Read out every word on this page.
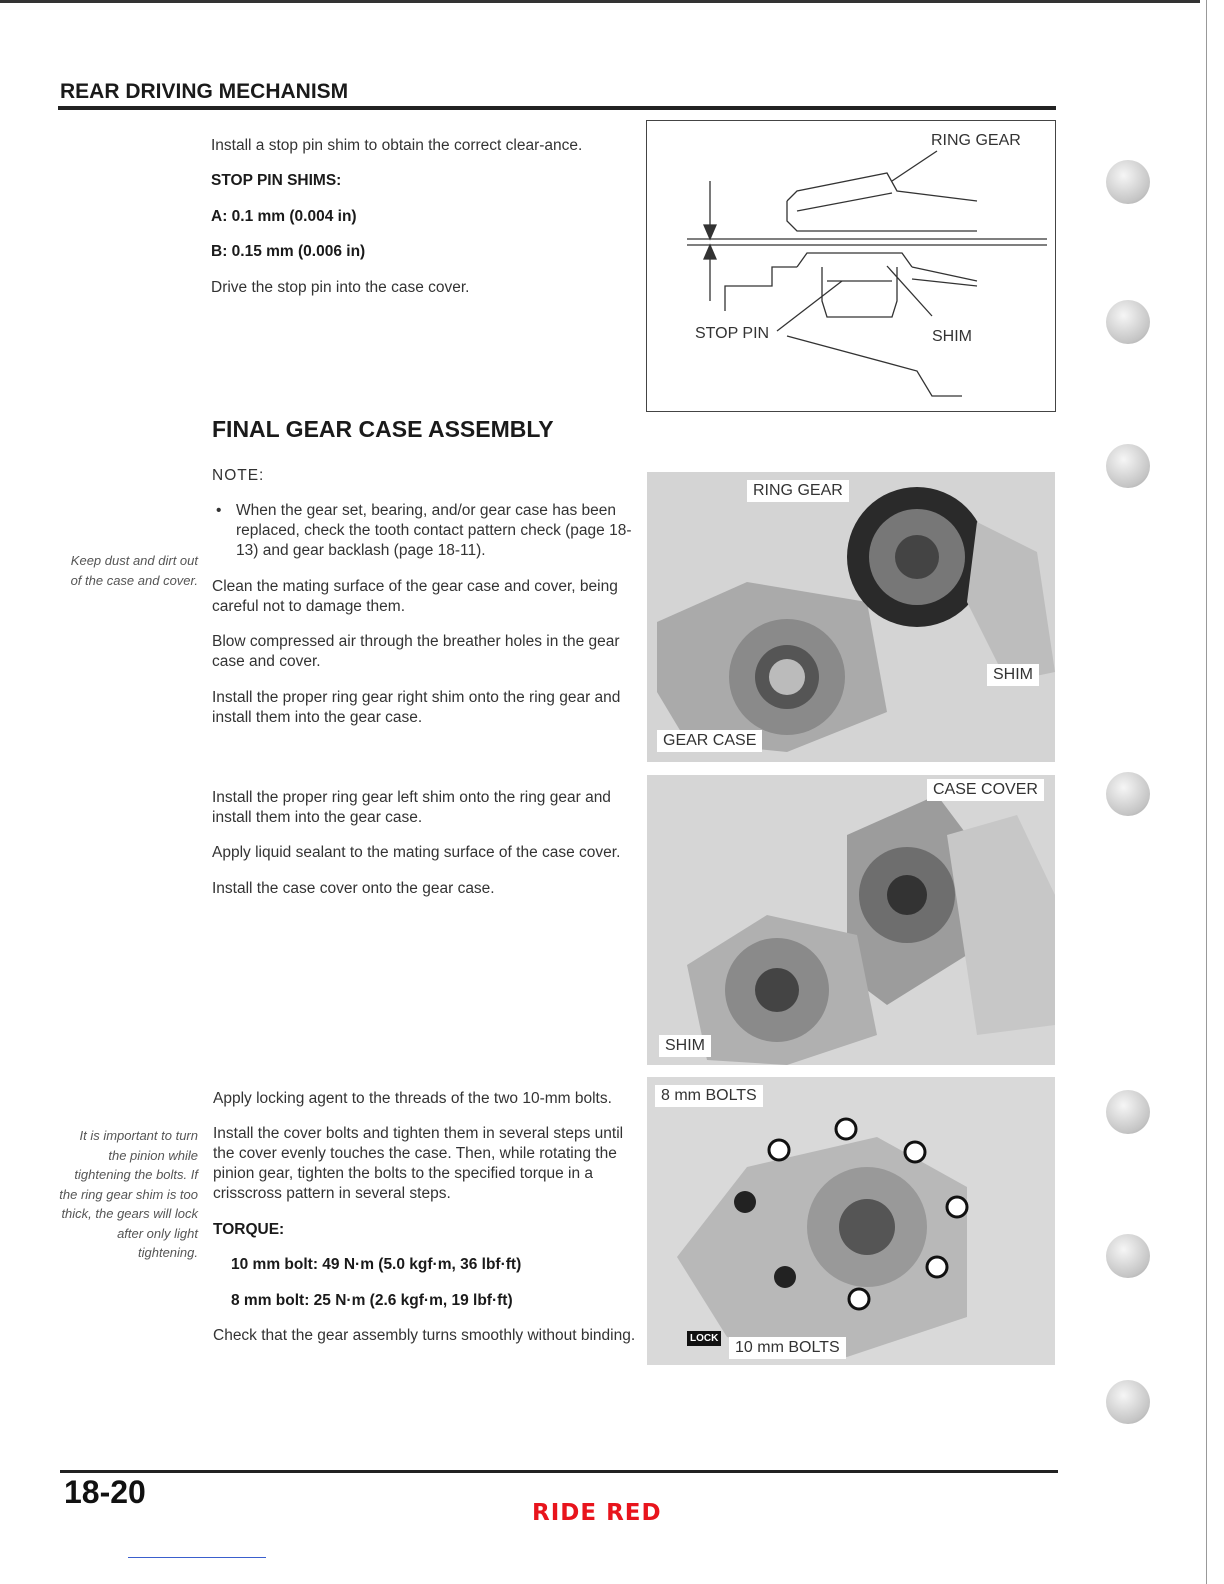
REAR DRIVING MECHANISM

Install a stop pin shim to obtain the correct clear-ance.

STOP PIN SHIMS:

A: 0.1 mm (0.004 in)

B: 0.15 mm (0.006 in)

Drive the stop pin into the case cover.

RING GEAR
STOP PIN	SHIM
FINAL GEAR CASE ASSEMBLY

NOTE:

• When the gear set, bearing, and/or gear case has been replaced, check the tooth contact pattern check (page 18-13) and gear backlash (page 18-11).

Clean the mating surface of the gear case and cover, being careful not to damage them.

Blow compressed air through the breather holes in the gear case and cover.

Install the proper ring gear right shim onto the ring gear and install them into the gear case.

Keep dust and dirt out of the case and cover.
RING GEAR
SHIM
GEAR CASE

Install the proper ring gear left shim onto the ring gear and install them into the gear case.

Apply liquid sealant to the mating surface of the case cover.

Install the case cover onto the gear case.

CASE COVER
SHIM

Apply locking agent to the threads of the two 10-mm bolts.

Install the cover bolts and tighten them in several steps until the cover evenly touches the case. Then, while rotating the pinion gear, tighten the bolts to the specified torque in a crisscross pattern in several steps.

TORQUE:

10 mm bolt: 49 N·m (5.0 kgf·m, 36 lbf·ft)

8 mm bolt: 25 N·m (2.6 kgf·m, 19 lbf·ft)

Check that the gear assembly turns smoothly without binding.

It is important to turn the pinion while tightening the bolts. If the ring gear shim is too thick, the gears will lock after only light tightening.
8 mm BOLTS
10 mm BOLTS
LOCK
18-20
RIDE RED
